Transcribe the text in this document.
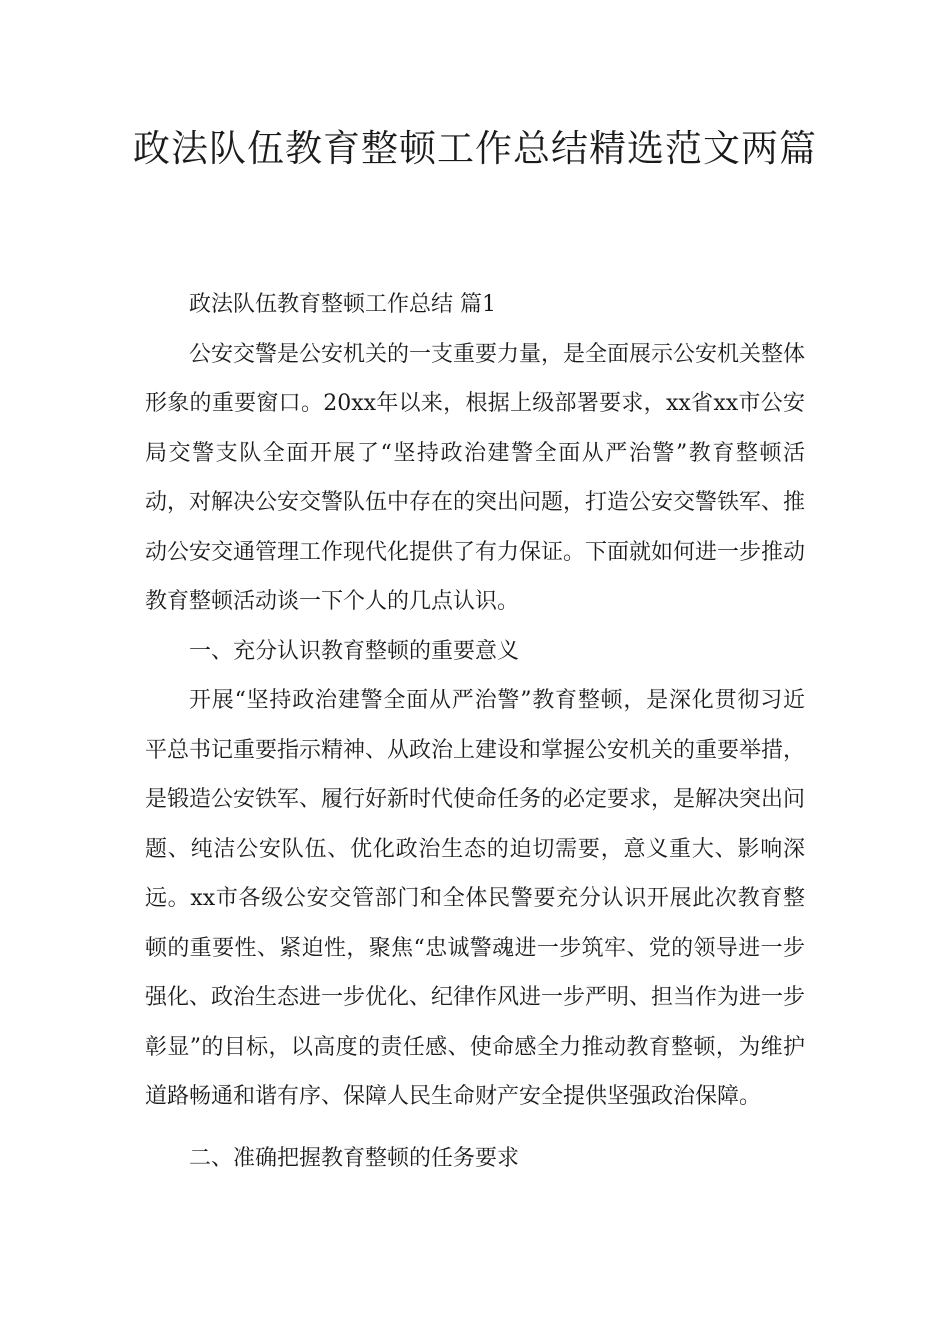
政法队伍教育整顿工作总结精选范文两篇

政法队伍教育整顿工作总结 篇1

公安交警是公安机关的一支重要力量，是全面展示公安机关整体形象的重要窗口。20xx年以来，根据上级部署要求，xx省xx市公安局交警支队全面开展了“坚持政治建警全面从严治警”教育整顿活动，对解决公安交警队伍中存在的突出问题，打造公安交警铁军、推动公安交通管理工作现代化提供了有力保证。下面就如何进一步推动教育整顿活动谈一下个人的几点认识。

一、充分认识教育整顿的重要意义

开展“坚持政治建警全面从严治警”教育整顿，是深化贯彻习近平总书记重要指示精神、从政治上建设和掌握公安机关的重要举措，是锻造公安铁军、履行好新时代使命任务的必定要求，是解决突出问题、纯洁公安队伍、优化政治生态的迫切需要，意义重大、影响深远。xx市各级公安交管部门和全体民警要充分认识开展此次教育整顿的重要性、紧迫性，聚焦“忠诚警魂进一步筑牢、党的领导进一步强化、政治生态进一步优化、纪律作风进一步严明、担当作为进一步彰显”的目标，以高度的责任感、使命感全力推动教育整顿，为维护道路畅通和谐有序、保障人民生命财产安全提供坚强政治保障。

二、准确把握教育整顿的任务要求
